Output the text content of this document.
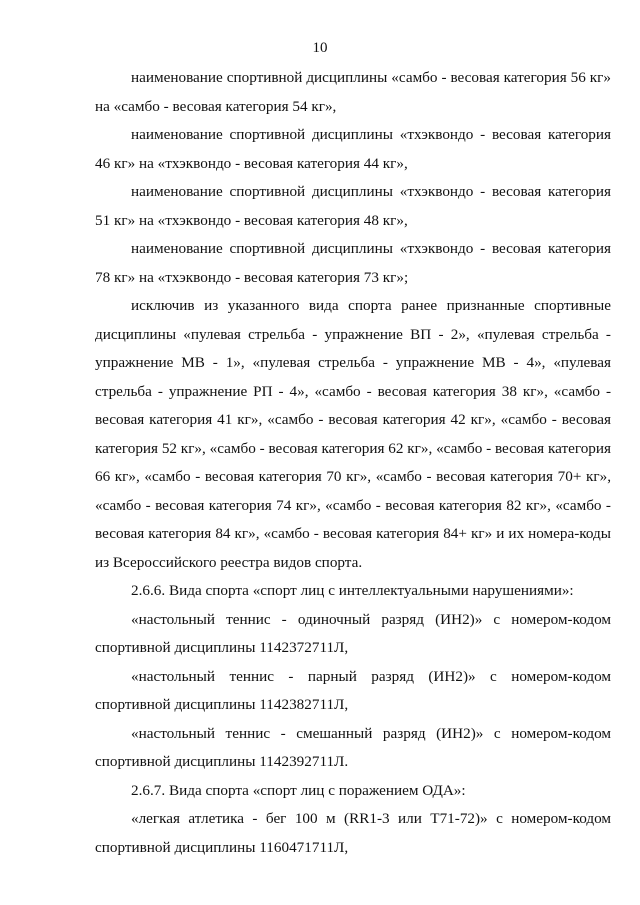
10

наименование спортивной дисциплины «самбо - весовая категория 56 кг» на «самбо - весовая категория 54 кг»,

наименование спортивной дисциплины «тхэквондо - весовая категория 46 кг» на «тхэквондо - весовая категория 44 кг»,

наименование спортивной дисциплины «тхэквондо - весовая категория 51 кг» на «тхэквондо - весовая категория 48 кг»,

наименование спортивной дисциплины «тхэквондо - весовая категория 78 кг» на «тхэквондо - весовая категория 73 кг»;

исключив из указанного вида спорта ранее признанные спортивные дисциплины «пулевая стрельба - упражнение ВП - 2», «пулевая стрельба - упражнение МВ - 1», «пулевая стрельба - упражнение МВ - 4», «пулевая стрельба - упражнение РП - 4», «самбо - весовая категория 38 кг», «самбо - весовая категория 41 кг», «самбо - весовая категория 42 кг», «самбо - весовая категория 52 кг», «самбо - весовая категория 62 кг», «самбо - весовая категория 66 кг», «самбо - весовая категория 70 кг», «самбо - весовая категория 70+ кг», «самбо - весовая категория 74 кг», «самбо - весовая категория 82 кг», «самбо - весовая категория 84 кг», «самбо - весовая категория 84+ кг» и их номера-коды из Всероссийского реестра видов спорта.

2.6.6. Вида спорта «спорт лиц с интеллектуальными нарушениями»:

«настольный теннис - одиночный разряд (ИН2)» с номером-кодом спортивной дисциплины 1142372711Л,

«настольный теннис - парный разряд (ИН2)» с номером-кодом спортивной дисциплины 1142382711Л,

«настольный теннис - смешанный разряд (ИН2)» с номером-кодом спортивной дисциплины 1142392711Л.

2.6.7. Вида спорта «спорт лиц с поражением ОДА»:

«легкая атлетика - бег 100 м (RR1-3 или Т71-72)» с номером-кодом спортивной дисциплины 1160471711Л,
